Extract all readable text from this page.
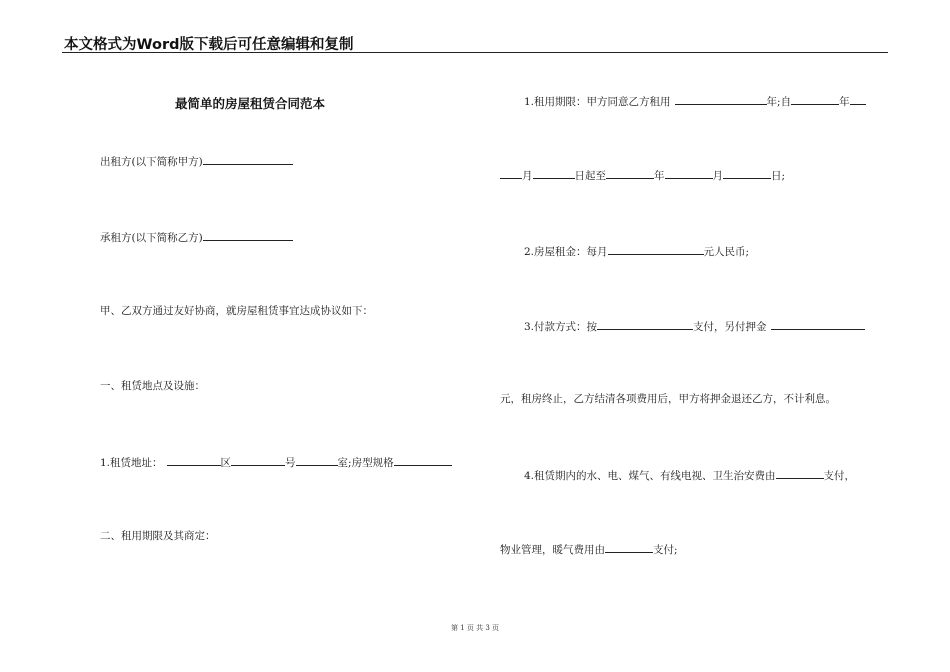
本文格式为Word版下载后可任意编辑和复制
最简单的房屋租赁合同范本
出租方(以下简称甲方)
承租方(以下简称乙方)
甲、乙双方通过友好协商，就房屋租赁事宜达成协议如下：
一、租赁地点及设施：
1.租赁地址：	区	号	室;房型规格
二、租用期限及其商定：
1.租用期限：甲方同意乙方租用	年;自	年
月	日起至	年	月	日;
2.房屋租金：每月	元人民币;
3.付款方式：按	支付，另付押金
元，租房终止，乙方结清各项费用后，甲方将押金退还乙方，不计利息。
4.租赁期内的水、电、煤气、有线电视、卫生治安费由	支付，
物业管理，暖气费用由	支付;
第 1 页 共 3 页
